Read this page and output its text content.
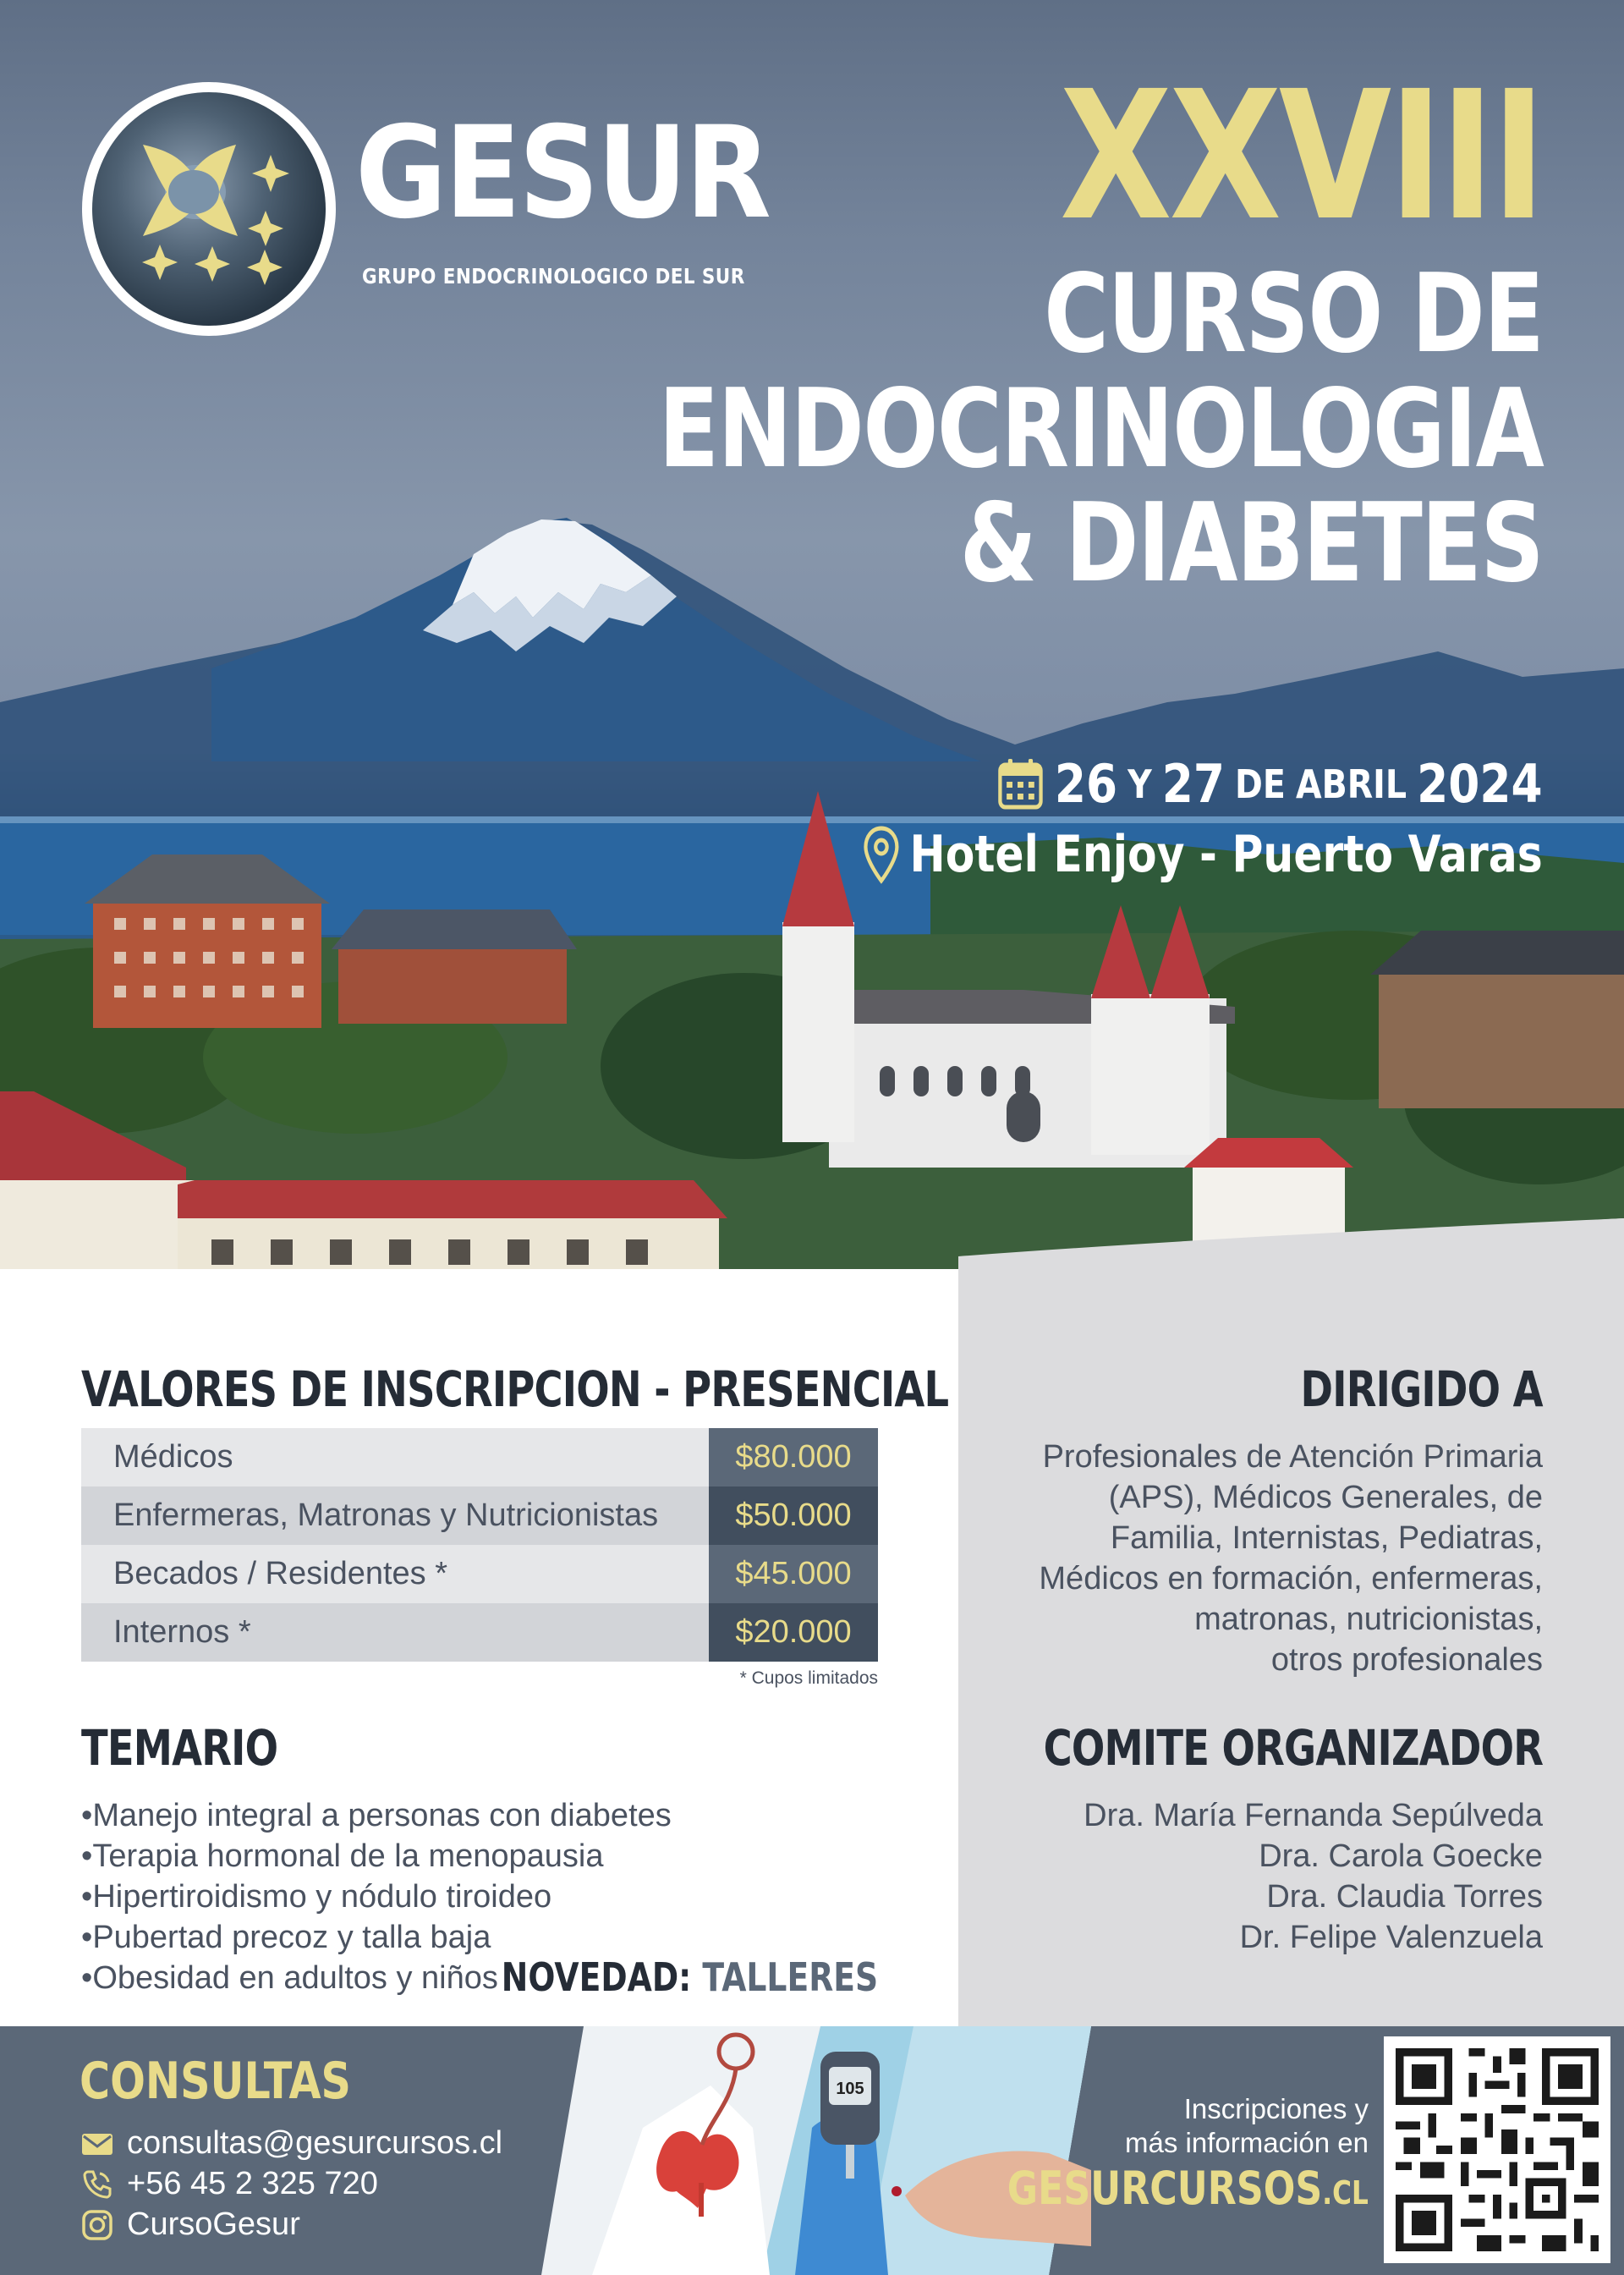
GESUR
GRUPO ENDOCRINOLOGICO DEL SUR
XXVIII
CURSO DE
ENDOCRINOLOGIA
& DIABETES
26 Y 27 DE ABRIL 2024
Hotel Enjoy - Puerto Varas
VALORES DE INSCRIPCION - PRESENCIAL
Médicos	$80.000
Enfermeras, Matronas y Nutricionistas	$50.000
Becados / Residentes *	$45.000
Internos *	$20.000
* Cupos limitados
TEMARIO
• Manejo integral a personas con diabetes
• Terapia hormonal de la menopausia
• Hipertiroidismo y nódulo tiroideo
• Pubertad precoz y talla baja
• Obesidad en adultos y niños NOVEDAD: TALLERES
DIRIGIDO A
Profesionales de Atención Primaria
(APS), Médicos Generales, de
Familia, Internistas, Pediatras,
Médicos en formación, enfermeras,
matronas, nutricionistas,
otros profesionales
COMITE ORGANIZADOR
Dra. María Fernanda Sepúlveda
Dra. Carola Goecke
Dra. Claudia Torres
Dr. Felipe Valenzuela
CONSULTAS
consultas@gesurcursos.cl
+56 45 2 325 720
CursoGesur
105
Inscripciones y
más información en
GESURCURSOS.CL
